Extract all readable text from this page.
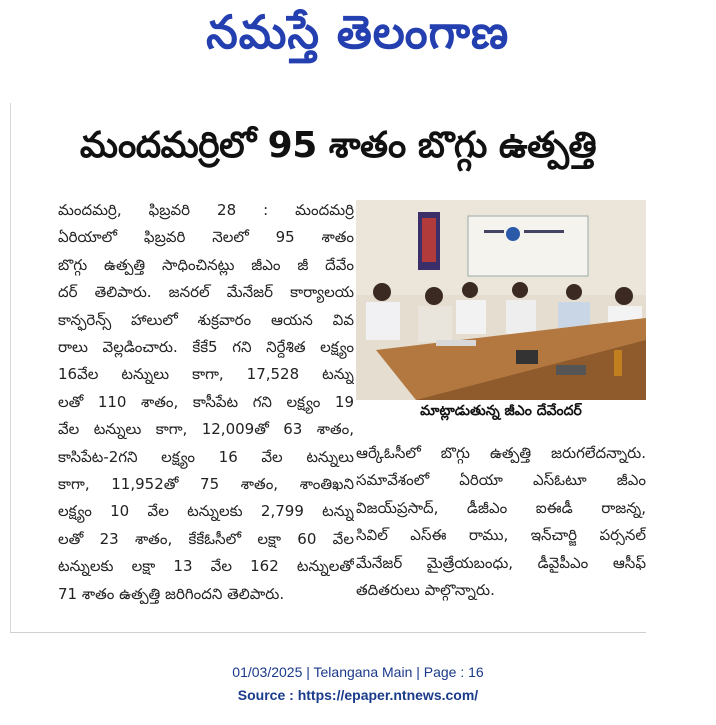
నమస్తే తెలంగాణ
మందమర్రిలో 95 శాతం బొగ్గు ఉత్పత్తి

మందమర్రి, ఫిబ్రవరి 28 : మందమర్రి

ఏరియాలో ఫిబ్రవరి నెలలో 95 శాతం

బొగ్గు ఉత్పత్తి సాధించినట్లు జీఎం జీ దేవేం

దర్ తెలిపారు. జనరల్ మేనేజర్ కార్యాలయ

కాన్ఫరెన్స్ హాలులో శుక్రవారం ఆయన వివ

రాలు వెల్లడించారు. కేకే5 గని నిర్దేశిత లక్ష్యం

16వేల టన్నులు కాగా, 17,528 టన్ను

లతో 110 శాతం, కాసీపేట గని లక్ష్యం 19

వేల టన్నులు కాగా, 12,009తో 63 శాతం,

కాసిపేట-2గని లక్ష్యం 16 వేల టన్నులు

కాగా, 11,952తో 75 శాతం, శాంతిఖని

లక్ష్యం 10 వేల టన్నులకు 2,799 టన్ను

లతో 23 శాతం, కేకేఓసీలో లక్షా 60 వేల

టన్నులకు లక్షా 13 వేల 162 టన్నులతో

71 శాతం ఉత్పత్తి జరిగిందని తెలిపారు.

మాట్లాడుతున్న జీఎం దేవేందర్

ఆర్కేఓసీలో బొగ్గు ఉత్పత్తి జరుగలేదన్నారు.

సమావేశంలో ఏరియా ఎస్ఓటూ జీఎం

విజయ్‌ప్రసాద్, డీజీఎం ఐఈడీ రాజన్న,

సివిల్ ఎస్ఈ రాము, ఇన్‌చార్జి పర్సనల్

మేనేజర్ మైత్రేయబంధు, డీవైపీఎం ఆసీఫ్

తదితరులు పాల్గొన్నారు.

01/03/2025 | Telangana Main | Page : 16
Source : https://epaper.ntnews.com/
